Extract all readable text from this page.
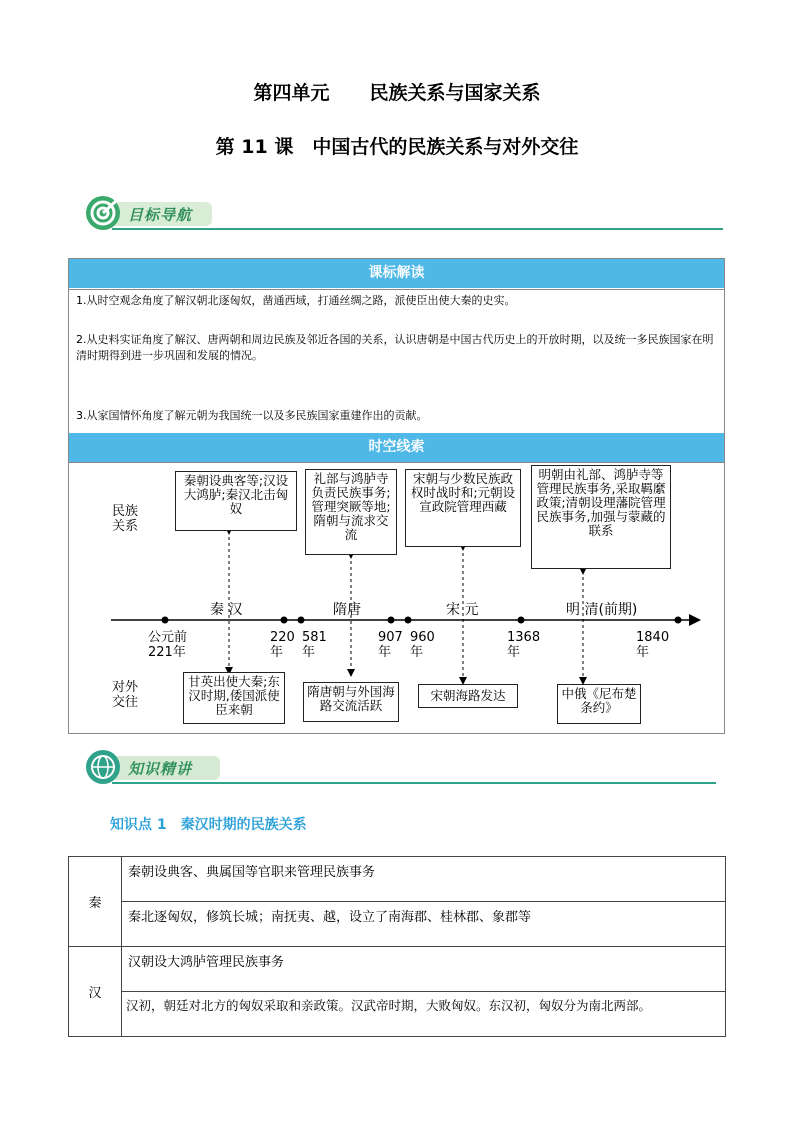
第四单元 民族关系与国家关系
第 11 课　中国古代的民族关系与对外交往
目标导航
课标解读
1.从时空观念角度了解汉朝北逐匈奴，凿通西域，打通丝绸之路，派使臣出使大秦的史实。
2.从史料实证角度了解汉、唐两朝和周边民族及邻近各国的关系，认识唐朝是中国古代历史上的开放时期，以及统一多民族国家在明清时期得到进一步巩固和发展的情况。
3.从家国情怀角度了解元朝为我国统一以及多民族国家重建作出的贡献。
时空线索
民族关系
对外交往
秦朝设典客等;汉设大鸿胪;秦汉北击匈奴
礼部与鸿胪寺负责民族事务;管理突厥等地;隋朝与流求交流
宋朝与少数民族政权时战时和;元朝设宣政院管理西藏
明朝由礼部、鸿胪寺等管理民族事务,采取羁縻政策;清朝设理藩院管理民族事务,加强与蒙藏的联系
秦 汉	隋唐	宋 元	明 清(前期)
公元前221年
220年
581年
907年
960年
1368年
1840年
甘英出使大秦;东汉时期,倭国派使臣来朝
隋唐朝与外国海路交流活跃
宋朝海路发达	中俄《尼布楚条约》
知识精讲
知识点 1　秦汉时期的民族关系
秦	秦朝设典客、典属国等官职来管理民族事务
	秦北逐匈奴，修筑长城；南抚夷、越，设立了南海郡、桂林郡、象郡等
汉	汉朝设大鸿胪管理民族事务
	汉初，朝廷对北方的匈奴采取和亲政策。汉武帝时期，大败匈奴。东汉初，匈奴分为南北两部。
